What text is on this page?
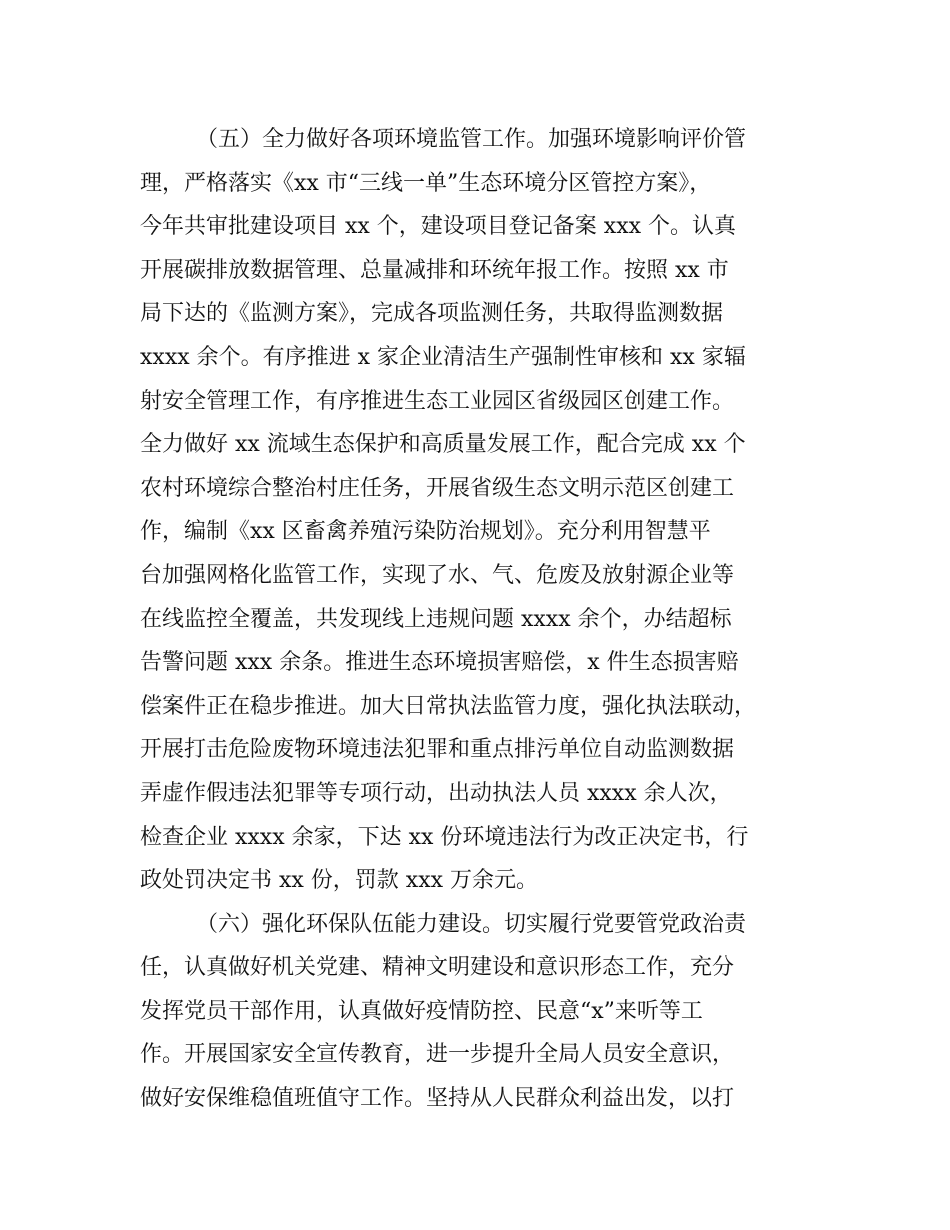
（五）全力做好各项环境监管工作。加强环境影响评价管
理，严格落实《xx 市“三线一单”生态环境分区管控方案》，
今年共审批建设项目 xx 个，建设项目登记备案 xxx 个。认真
开展碳排放数据管理、总量减排和环统年报工作。按照 xx 市
局下达的《监测方案》，完成各项监测任务，共取得监测数据
xxxx 余个。有序推进 x 家企业清洁生产强制性审核和 xx 家辐
射安全管理工作，有序推进生态工业园区省级园区创建工作。
全力做好 xx 流域生态保护和高质量发展工作，配合完成 xx 个
农村环境综合整治村庄任务，开展省级生态文明示范区创建工
作，编制《xx 区畜禽养殖污染防治规划》。充分利用智慧平
台加强网格化监管工作，实现了水、气、危废及放射源企业等
在线监控全覆盖，共发现线上违规问题 xxxx 余个，办结超标
告警问题 xxx 余条。推进生态环境损害赔偿，x 件生态损害赔
偿案件正在稳步推进。加大日常执法监管力度，强化执法联动，
开展打击危险废物环境违法犯罪和重点排污单位自动监测数据
弄虚作假违法犯罪等专项行动，出动执法人员 xxxx 余人次，
检查企业 xxxx 余家，下达 xx 份环境违法行为改正决定书，行
政处罚决定书 xx 份，罚款 xxx 万余元。
（六）强化环保队伍能力建设。切实履行党要管党政治责
任，认真做好机关党建、精神文明建设和意识形态工作，充分
发挥党员干部作用，认真做好疫情防控、民意“x”来听等工
作。开展国家安全宣传教育，进一步提升全局人员安全意识，
做好安保维稳值班值守工作。坚持从人民群众利益出发，以打
